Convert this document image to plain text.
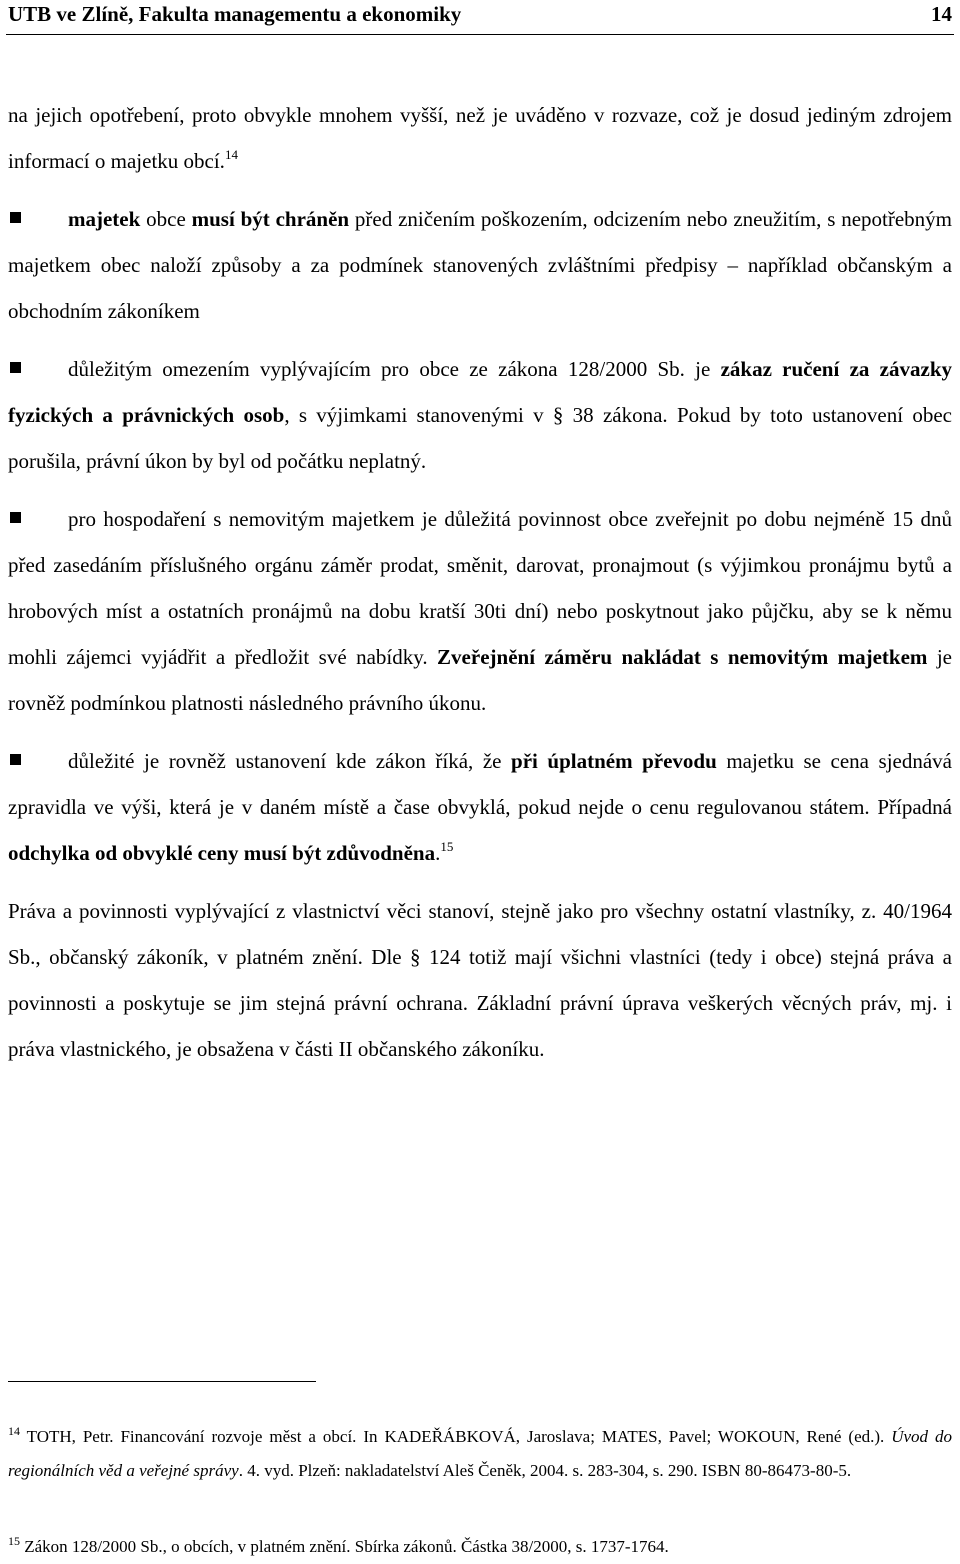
UTB ve Zlíně, Fakulta managementu a ekonomiky	14

na jejich opotřebení, proto obvykle mnohem vyšší, než je uváděno v rozvaze, což je dosud jediným zdrojem informací o majetku obcí.$^{14}$

majetek obce musí být chráněn před zničením poškozením, odcizením nebo zneužitím, s nepotřebným majetkem obec naloží způsoby a za podmínek stanovených zvláštními předpisy – například občanským a obchodním zákoníkem

důležitým omezením vyplývajícím pro obce ze zákona 128/2000 Sb. je zákaz ručení za závazky fyzických a právnických osob, s výjimkami stanovenými v § 38 zákona. Pokud by toto ustanovení obec porušila, právní úkon by byl od počátku neplatný.

pro hospodaření s nemovitým majetkem je důležitá povinnost obce zveřejnit po dobu nejméně 15 dnů před zasedáním příslušného orgánu záměr prodat, směnit, darovat, pronajmout (s výjimkou pronájmu bytů a hrobových míst a ostatních pronájmů na dobu kratší 30ti dní) nebo poskytnout jako půjčku, aby se k němu mohli zájemci vyjádřit a předložit své nabídky. Zveřejnění záměru nakládat s nemovitým majetkem je rovněž podmínkou platnosti následného právního úkonu.

důležité je rovněž ustanovení kde zákon říká, že při úplatném převodu majetku se cena sjednává zpravidla ve výši, která je v daném místě a čase obvyklá, pokud nejde o cenu regulovanou státem. Případná odchylka od obvyklé ceny musí být zdůvodněna.$^{15}$

Práva a povinnosti vyplývající z vlastnictví věci stanoví, stejně jako pro všechny ostatní vlastníky, z. 40/1964 Sb., občanský zákoník, v platném znění. Dle § 124 totiž mají všichni vlastníci (tedy i obce) stejná práva a povinnosti a poskytuje se jim stejná právní ochrana. Základní právní úprava veškerých věcných práv, mj. i práva vlastnického, je obsažena v části II občanského zákoníku.

$^{14}$ TOTH, Petr. Financování rozvoje měst a obcí. In KADEŘÁBKOVÁ, Jaroslava; MATES, Pavel; WOKOUN, René (ed.). Úvod do regionálních věd a veřejné správy. 4. vyd. Plzeň: nakladatelství Aleš Čeněk, 2004. s. 283-304, s. 290. ISBN 80-86473-80-5.

$^{15}$ Zákon 128/2000 Sb., o obcích, v platném znění. Sbírka zákonů. Částka 38/2000, s. 1737-1764.
